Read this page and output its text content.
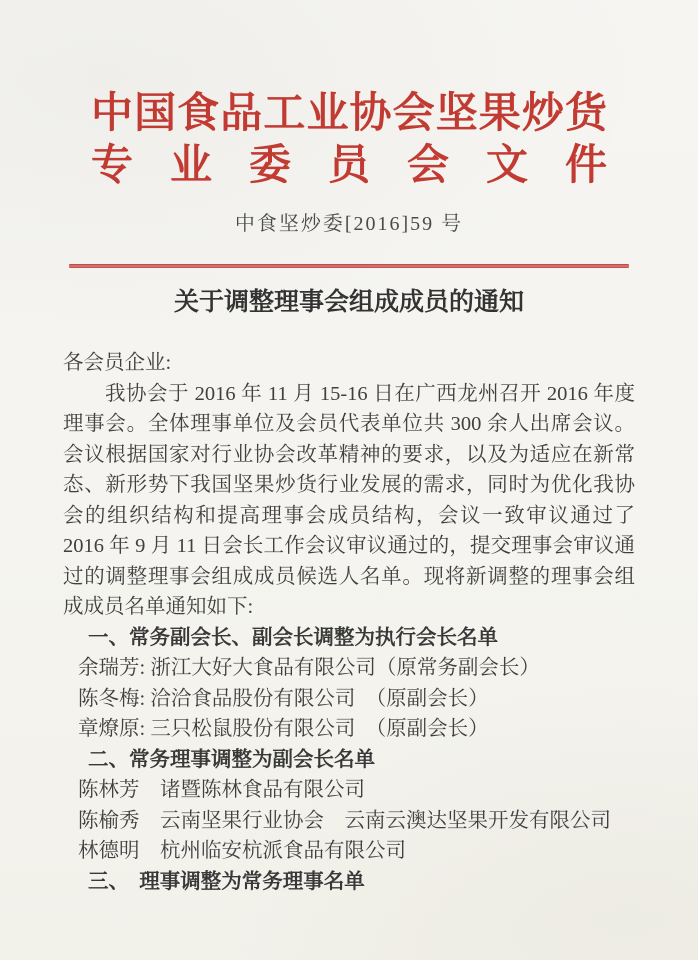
中国食品工业协会坚果炒货
专业委员会文件
中食坚炒委[2016]59 号
关于调整理事会组成成员的通知

各会员企业:

我协会于 2016 年 11 月 15-16 日在广西龙州召开 2016 年度理事会。全体理事单位及会员代表单位共 300 余人出席会议。会议根据国家对行业协会改革精神的要求，以及为适应在新常态、新形势下我国坚果炒货行业发展的需求，同时为优化我协会的组织结构和提高理事会成员结构，会议一致审议通过了 2016 年 9 月 11 日会长工作会议审议通过的，提交理事会审议通过的调整理事会组成成员候选人名单。现将新调整的理事会组成成员名单通知如下:

一、常务副会长、副会长调整为执行会长名单

余瑞芳: 浙江大好大食品有限公司（原常务副会长）

陈冬梅: 洽洽食品股份有限公司　（原副会长）

章燎原: 三只松鼠股份有限公司　（原副会长）

二、常务理事调整为副会长名单

陈林芳　诸暨陈林食品有限公司

陈榆秀　云南坚果行业协会　云南云澳达坚果开发有限公司

林德明　杭州临安杭派食品有限公司

三、　理事调整为常务理事名单
